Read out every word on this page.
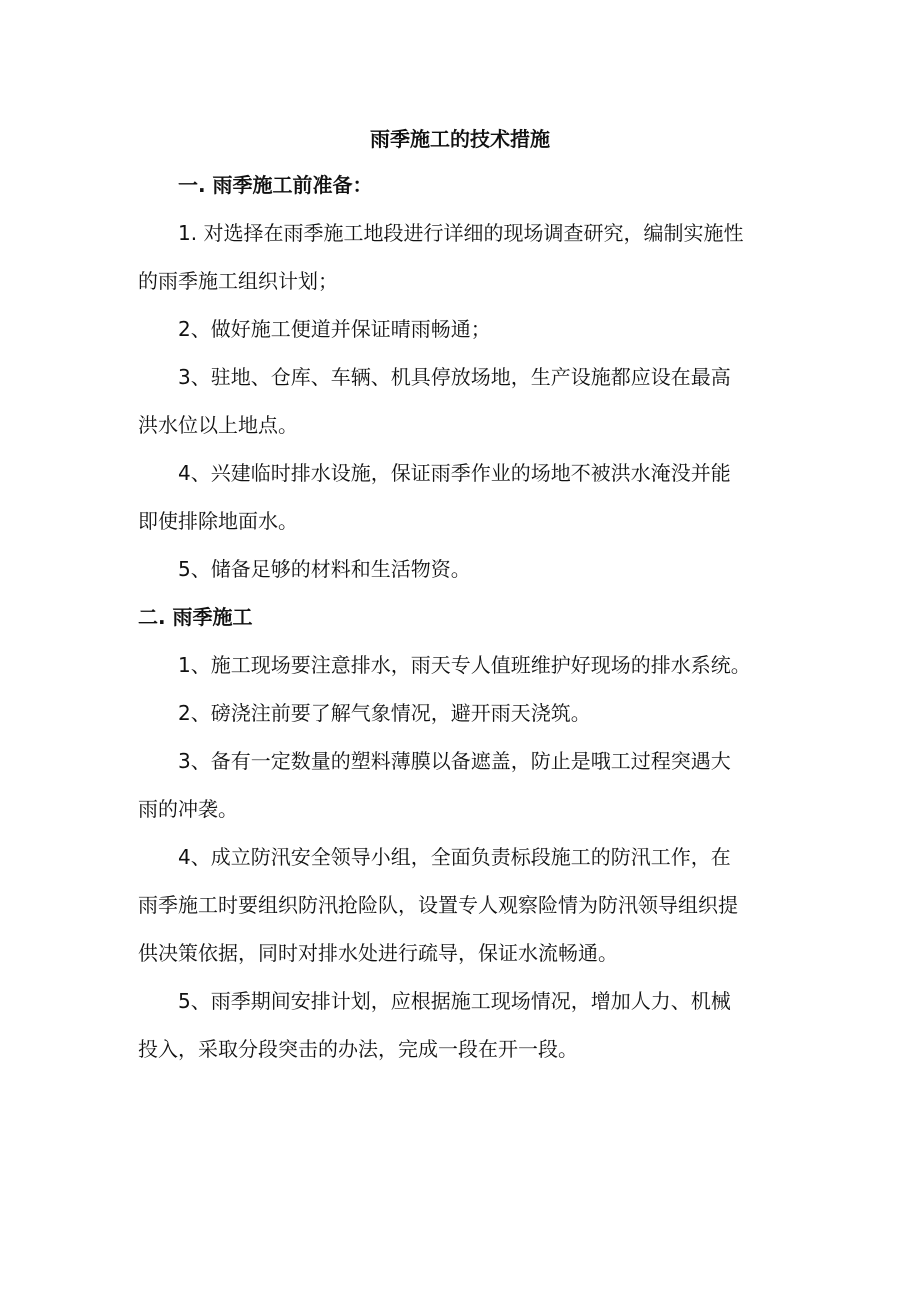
雨季施工的技术措施

一. 雨季施工前准备：

1. 对选择在雨季施工地段进行详细的现场调查研究，编制实施性

的雨季施工组织计划；

2、做好施工便道并保证晴雨畅通；

3、驻地、仓库、车辆、机具停放场地，生产设施都应设在最高

洪水位以上地点。

4、兴建临时排水设施，保证雨季作业的场地不被洪水淹没并能

即使排除地面水。

5、储备足够的材料和生活物资。

二. 雨季施工

1、施工现场要注意排水，雨天专人值班维护好现场的排水系统。

2、磅浇注前要了解气象情况，避开雨天浇筑。

3、备有一定数量的塑料薄膜以备遮盖，防止是哦工过程突遇大

雨的冲袭。

4、成立防汛安全领导小组，全面负责标段施工的防汛工作，在

雨季施工时要组织防汛抢险队，设置专人观察险情为防汛领导组织提

供决策依据，同时对排水处进行疏导，保证水流畅通。

5、雨季期间安排计划，应根据施工现场情况，增加人力、机械

投入，采取分段突击的办法，完成一段在开一段。
